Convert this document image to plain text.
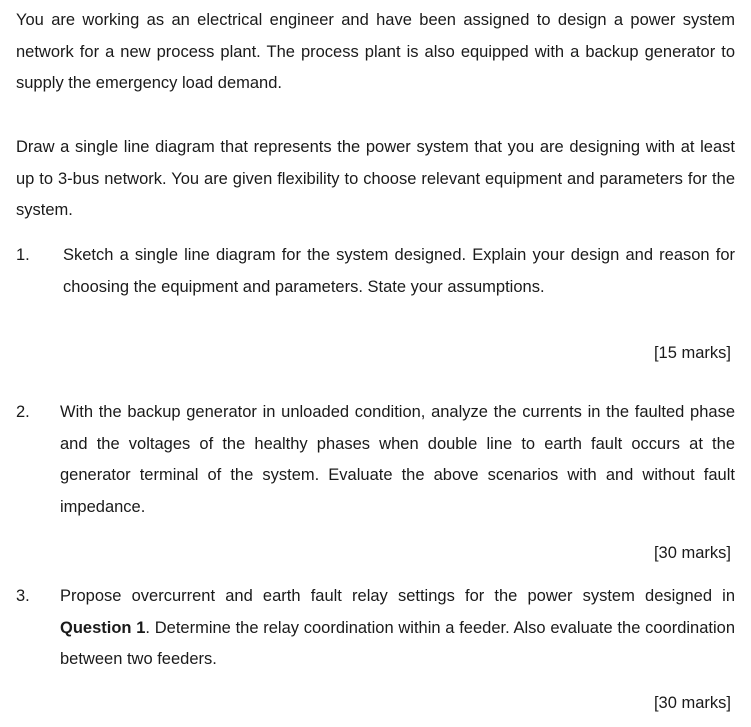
You are working as an electrical engineer and have been assigned to design a power system network for a new process plant. The process plant is also equipped with a backup generator to supply the emergency load demand.

Draw a single line diagram that represents the power system that you are designing with at least up to 3-bus network. You are given flexibility to choose relevant equipment and parameters for the system.

1. Sketch a single line diagram for the system designed. Explain your design and reason for choosing the equipment and parameters. State your assumptions.

[15 marks]
2. With the backup generator in unloaded condition, analyze the currents in the faulted phase and the voltages of the healthy phases when double line to earth fault occurs at the generator terminal of the system. Evaluate the above scenarios with and without fault impedance.

[30 marks]
3. Propose overcurrent and earth fault relay settings for the power system designed in Question 1. Determine the relay coordination within a feeder. Also evaluate the coordination between two feeders.

[30 marks]
